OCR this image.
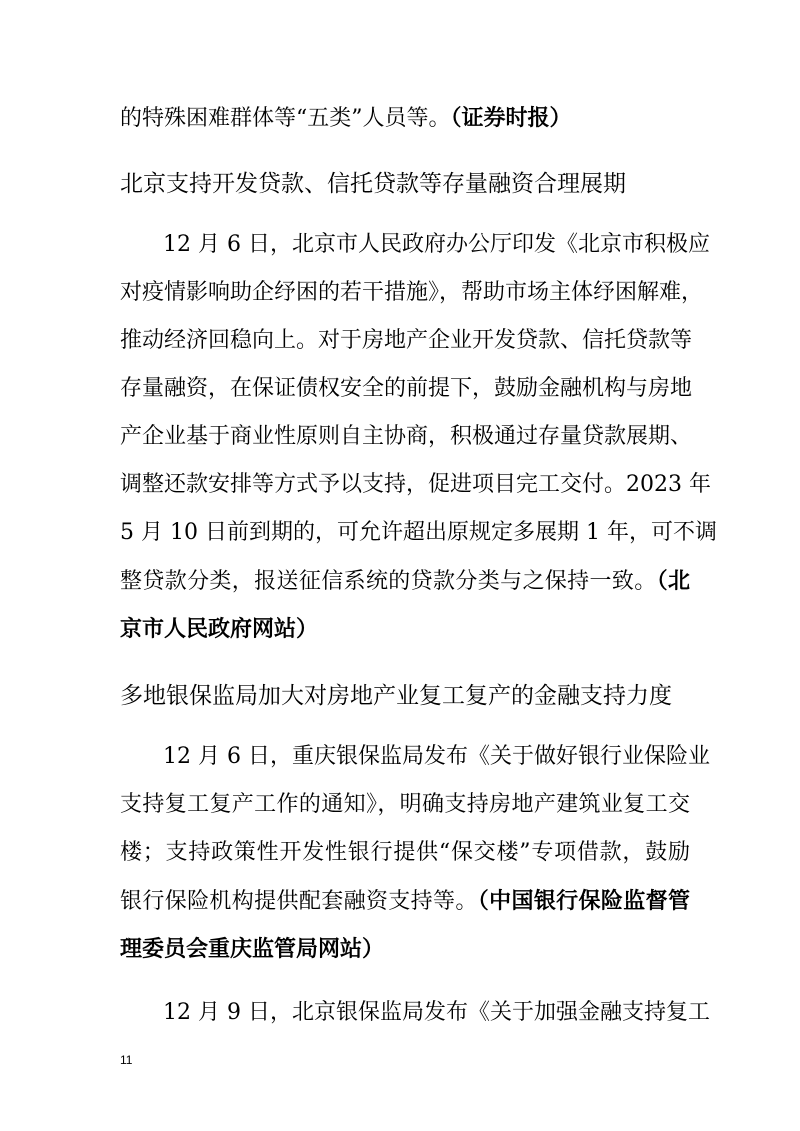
的特殊困难群体等“五类”人员等。（证券时报）
北京支持开发贷款、信托贷款等存量融资合理展期
12 月 6 日，北京市人民政府办公厅印发《北京市积极应
对疫情影响助企纾困的若干措施》，帮助市场主体纾困解难，
推动经济回稳向上。对于房地产企业开发贷款、信托贷款等
存量融资，在保证债权安全的前提下，鼓励金融机构与房地
产企业基于商业性原则自主协商，积极通过存量贷款展期、
调整还款安排等方式予以支持，促进项目完工交付。2023 年
5 月 10 日前到期的，可允许超出原规定多展期 1 年，可不调
整贷款分类，报送征信系统的贷款分类与之保持一致。（北
京市人民政府网站）
多地银保监局加大对房地产业复工复产的金融支持力度
12 月 6 日，重庆银保监局发布《关于做好银行业保险业
支持复工复产工作的通知》，明确支持房地产建筑业复工交
楼；支持政策性开发性银行提供“保交楼”专项借款，鼓励
银行保险机构提供配套融资支持等。（中国银行保险监督管
理委员会重庆监管局网站）
12 月 9 日，北京银保监局发布《关于加强金融支持复工
11
